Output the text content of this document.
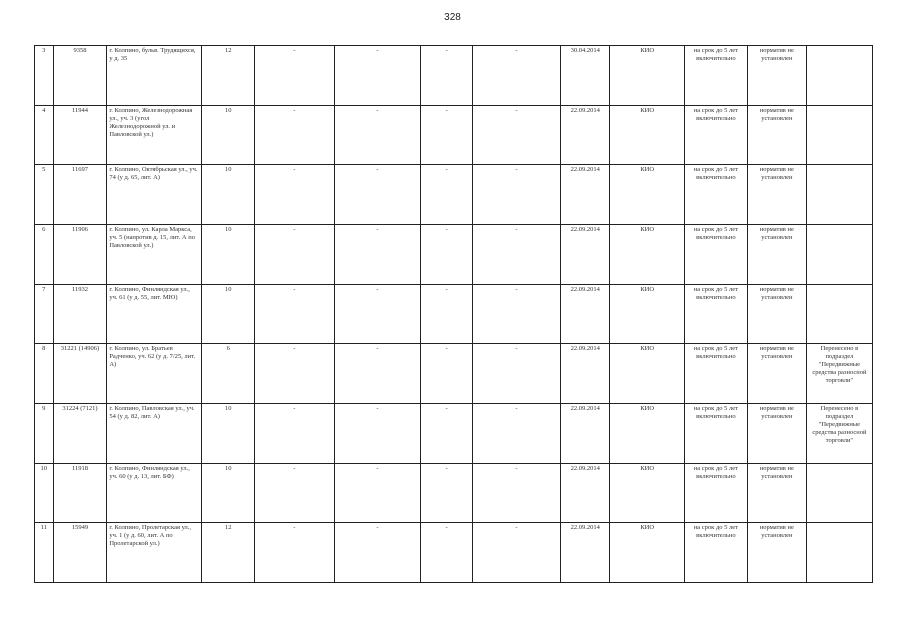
328
3	9358	г. Колпино, бульв. Трудящихся, у д. 35	12	-	-	-	-	30.04.2014	КИО	на срок до 5 лет включительно	норматив не установлен	
4	11944	г. Колпино, Железнодорожная ул., уч. 3 (угол Железнодорожной ул. и Павловской ул.)	10	-	-	-	-	22.09.2014	КИО	на срок до 5 лет включительно	норматив не установлен	
5	11697	г. Колпино, Октябрьская ул., уч. 74 (у д. 65, лит. А)	10	-	-	-	-	22.09.2014	КИО	на срок до 5 лет включительно	норматив не установлен	
6	11906	г. Колпино, ул. Карла Маркса, уч. 5 (напротив д. 15, лит. А по Павловской ул.)	10	-	-	-	-	22.09.2014	КИО	на срок до 5 лет включительно	норматив не установлен	
7	11932	г. Колпино, Финляндская ул., уч. 61 (у д. 55, лит. МЮ)	10	-	-	-	-	22.09.2014	КИО	на срок до 5 лет включительно	норматив не установлен	
8	31221 (14906)	г. Колпино, ул. Братьев Радченко, уч. 62 (у д. 7/25, лит. А)	6	-	-	-	-	22.09.2014	КИО	на срок до 5 лет включительно	норматив не установлен	Перенесено в подраздел "Передвижные средства разносной торговли"
9	31224 (7121)	г. Колпино, Павловская ул., уч. 54 (у д. 82, лит. А)	10	-	-	-	-	22.09.2014	КИО	на срок до 5 лет включительно	норматив не установлен	Перенесено в подраздел "Передвижные средства разносной торговли"
10	11918	г. Колпино, Финляндская ул., уч. 60 (у д. 13, лит. БФ)	10	-	-	-	-	22.09.2014	КИО	на срок до 5 лет включительно	норматив не установлен	
11	15949	г. Колпино, Пролетарская ул., уч. 1 (у д. 60, лит. А по Пролетарской ул.)	12	-	-	-	-	22.09.2014	КИО	на срок до 5 лет включительно	норматив не установлен	
